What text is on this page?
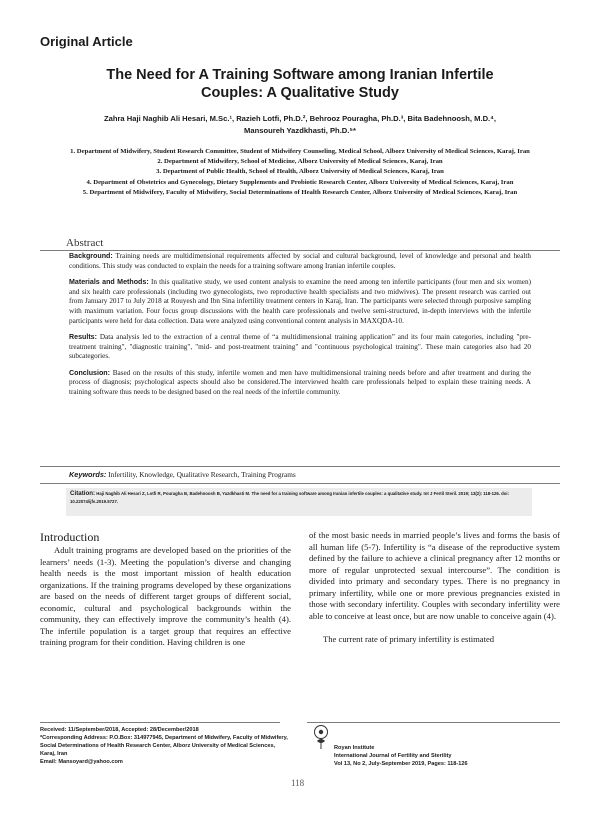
Original Article
The Need for A Training Software among Iranian Infertile
Couples: A Qualitative Study
Zahra Haji Naghib Ali Hesari, M.Sc.¹, Razieh Lotfi, Ph.D.², Behrooz Pouragha, Ph.D.³, Bita Badehnoosh, M.D.⁴,
Mansoureh Yazdkhasti, Ph.D.⁵*
1. Department of Midwifery, Student Research Committee, Student of Midwifery Counseling, Medical School, Alborz University of Medical Sciences, Karaj, Iran
2. Department of Midwifery, School of Medicine, Alborz University of Medical Sciences, Karaj, Iran
3. Department of Public Health, School of Health, Alborz University of Medical Sciences, Karaj, Iran
4. Department of Obstetrics and Gynecology, Dietary Supplements and Probiotic Research Center, Alborz University of Medical Sciences, Karaj, Iran
5. Department of Midwifery, Faculty of Midwifery, Social Determinations of Health Research Center, Alborz University of Medical Sciences, Karaj, Iran
Abstract

Background: Training needs are multidimensional requirements affected by social and cultural background, level of knowledge and personal and health conditions. This study was conducted to explain the needs for a training software among Iranian infertile couples.

Materials and Methods: In this qualitative study, we used content analysis to examine the need among ten infertile participants (four men and six women) and six health care professionals (including two gynecologists, two reproductive health specialists and two midwives). The present research was carried out from January 2017 to July 2018 at Rouyesh and Ibn Sina infertility treatment centers in Karaj, Iran. The participants were selected through purposive sampling with maximum variation. Four focus group discussions with the health care professionals and twelve semi-structured, in-depth interviews with the infertile participants were held for data collection. Data were analyzed using conventional content analysis in MAXQDA-10.

Results: Data analysis led to the extraction of a central theme of “a multidimensional training application” and its four main categories, including "pre-treatment training", "diagnostic training", "mid- and post-treatment training" and "continuous psychological training". These main categories also had 20 subcategories.

Conclusion: Based on the results of this study, infertile women and men have multidimensional training needs before and after treatment and during the process of diagnosis; psychological aspects should also be considered.The interviewed health care professionals helped to explain these training needs. A training software thus needs to be designed based on the real needs of the infertile community.

Keywords: Infertility, Knowledge, Qualitative Research, Training Programs
Citation: Haji Naghib Ali Hesari Z, Lotfi R, Pouragha B, Badehnoosh B, Yazdkhasti M. The need for a training software among Iranian infertile couples: a qualitative study. Int J Fertil Steril. 2019; 13(2): 118-126. doi: 10.22074/ijfs.2019.5727.
Introduction

Adult training programs are developed based on the priorities of the learners’ needs (1-3). Meeting the population’s diverse and changing health needs is the most important mission of health education organizations. If the training programs developed by these organizations are based on the needs of different target groups of different social, economic, cultural and psychological backgrounds within the community, they can effectively improve the community’s health (4). The infertile population is a target group that requires an effective training program for their condition. Having children is one

of the most basic needs in married people’s lives and forms the basis of all human life (5-7). Infertility is “a disease of the reproductive system defined by the failure to achieve a clinical pregnancy after 12 months or more of regular unprotected sexual intercourse”. The condition is divided into primary and secondary types. There is no pregnancy in primary infertility, while one or more previous pregnancies existed in those with secondary infertility. Couples with secondary infertility were able to conceive at least once, but are now unable to conceive again (4).

The current rate of primary infertility is estimated

Received: 11/September/2018, Accepted: 28/December/2018
*Corresponding Address: P.O.Box: 314977945, Department of Midwifery, Faculty of Midwifery, Social Determinations of Health Research Center, Alborz University of Medical Sciences, Karaj, Iran
Email: Mansoyard@yahoo.com
Royan Institute
International Journal of Fertility and Sterility
Vol 13, No 2, July-September 2019, Pages: 118-126
118
